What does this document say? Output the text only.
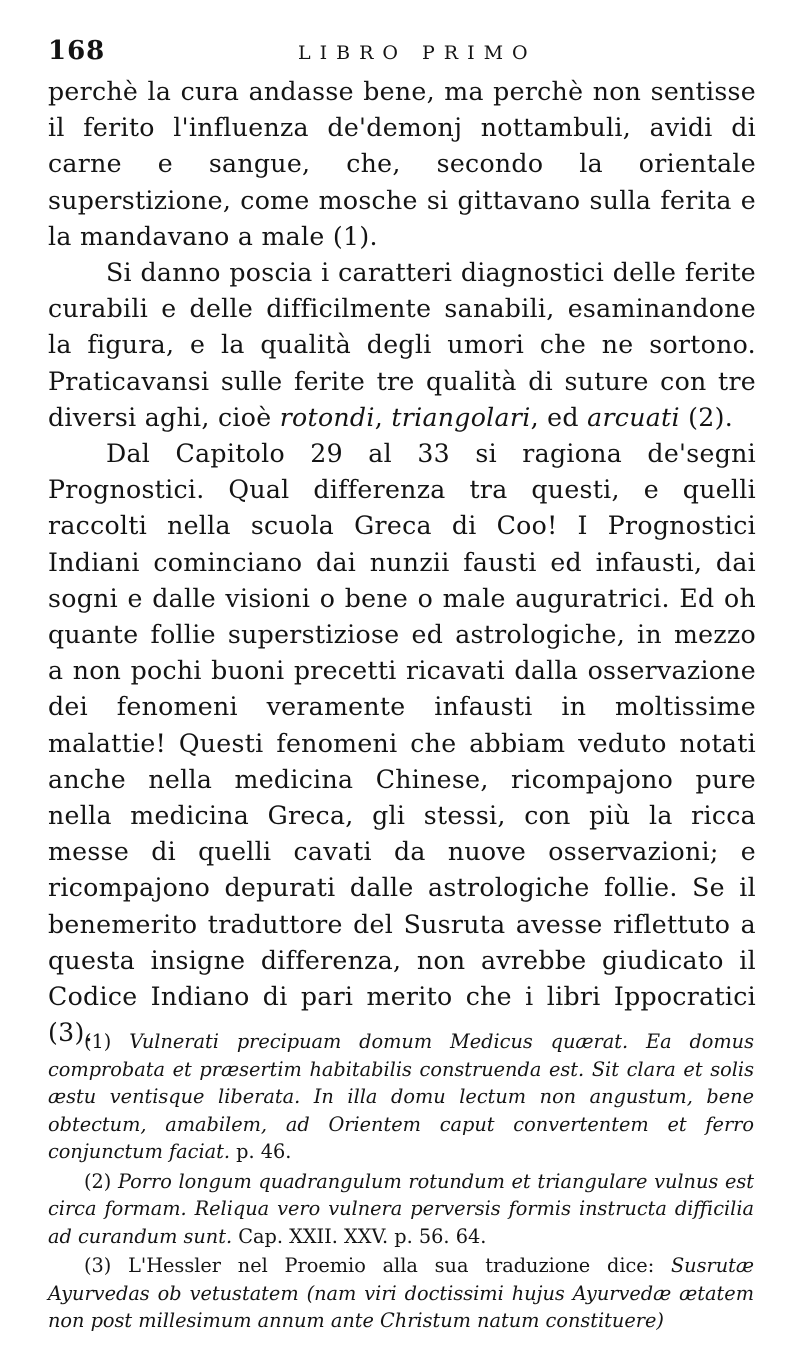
168	LIBRO PRIMO

perchè la cura andasse bene, ma perchè non sentisse il ferito l'influenza de'demonj nottambuli, avidi di carne e sangue, che, secondo la orientale superstizione, come mosche si gittavano sulla ferita e la mandavano a male (1).

Si danno poscia i caratteri diagnostici delle ferite curabili e delle difficilmente sanabili, esaminandone la figura, e la qualità degli umori che ne sortono. Praticavansi sulle ferite tre qualità di suture con tre diversi aghi, cioè rotondi, triangolari, ed arcuati (2).

Dal Capitolo 29 al 33 si ragiona de'segni Prognostici. Qual differenza tra questi, e quelli raccolti nella scuola Greca di Coo! I Prognostici Indiani cominciano dai nunzii fausti ed infausti, dai sogni e dalle visioni o bene o male auguratrici. Ed oh quante follie superstiziose ed astrologiche, in mezzo a non pochi buoni precetti ricavati dalla osservazione dei fenomeni veramente infausti in moltissime malattie! Questi fenomeni che abbiam veduto notati anche nella medicina Chinese, ricompajono pure nella medicina Greca, gli stessi, con più la ricca messe di quelli cavati da nuove osservazioni; e ricompajono depurati dalle astrologiche follie. Se il benemerito traduttore del Susruta avesse riflettuto a questa insigne differenza, non avrebbe giudicato il Codice Indiano di pari merito che i libri Ippocratici (3).

(1) Vulnerati precipuam domum Medicus quærat. Ea domus comprobata et præsertim habitabilis construenda est. Sit clara et solis æstu ventisque liberata. In illa domu lectum non angustum, bene obtectum, amabilem, ad Orientem caput convertentem et ferro conjunctum faciat. p. 46.

(2) Porro longum quadrangulum rotundum et triangulare vulnus est circa formam. Reliqua vero vulnera perversis formis instructa difficilia ad curandum sunt. Cap. XXII. XXV. p. 56. 64.

(3) L'Hessler nel Proemio alla sua traduzione dice: Susrutæ Ayurvedas ob vetustatem (nam viri doctissimi hujus Ayurvedæ ætatem non post millesimum annum ante Christum natum constituere)
